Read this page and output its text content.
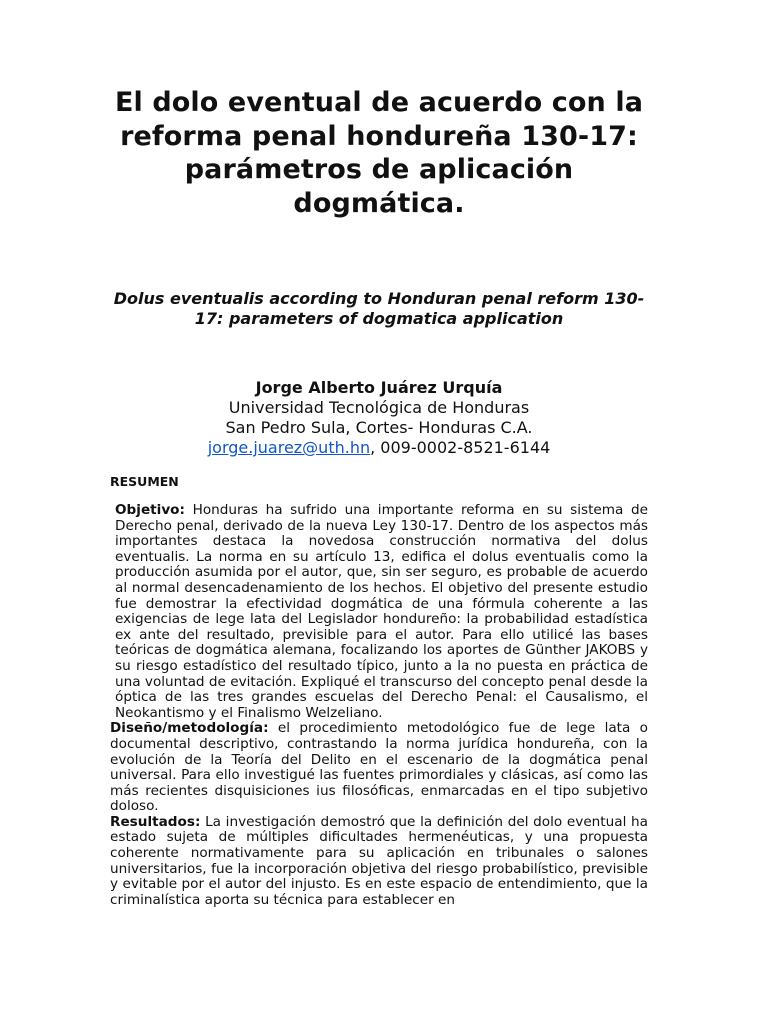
El dolo eventual de acuerdo con la reforma penal hondureña 130-17: parámetros de aplicación dogmática.

Dolus eventualis according to Honduran penal reform 130-17: parameters of dogmatica application

Jorge Alberto Juárez Urquía
Universidad Tecnológica de Honduras
San Pedro Sula, Cortes- Honduras C.A.
jorge.juarez@uth.hn, 009-0002-8521-6144
RESUMEN

Objetivo: Honduras ha sufrido una importante reforma en su sistema de Derecho penal, derivado de la nueva Ley 130-17. Dentro de los aspectos más importantes destaca la novedosa construcción normativa del dolus eventualis. La norma en su artículo 13, edifica el dolus eventualis como la producción asumida por el autor, que, sin ser seguro, es probable de acuerdo al normal desencadenamiento de los hechos. El objetivo del presente estudio fue demostrar la efectividad dogmática de una fórmula coherente a las exigencias de lege lata del Legislador hondureño: la probabilidad estadística ex ante del resultado, previsible para el autor. Para ello utilicé las bases teóricas de dogmática alemana, focalizando los aportes de Günther JAKOBS y su riesgo estadístico del resultado típico, junto a la no puesta en práctica de una voluntad de evitación. Expliqué el transcurso del concepto penal desde la óptica de las tres grandes escuelas del Derecho Penal: el Causalismo, el Neokantismo y el Finalismo Welzeliano.

Diseño/metodología: el procedimiento metodológico fue de lege lata o documental descriptivo, contrastando la norma jurídica hondureña, con la evolución de la Teoría del Delito en el escenario de la dogmática penal universal. Para ello investigué las fuentes primordiales y clásicas, así como las más recientes disquisiciones ius filosóficas, enmarcadas en el tipo subjetivo doloso.

Resultados: La investigación demostró que la definición del dolo eventual ha estado sujeta de múltiples dificultades hermenéuticas, y una propuesta coherente normativamente para su aplicación en tribunales o salones universitarios, fue la incorporación objetiva del riesgo probabilístico, previsible y evitable por el autor del injusto. Es en este espacio de entendimiento, que la criminalística aporta su técnica para establecer en
